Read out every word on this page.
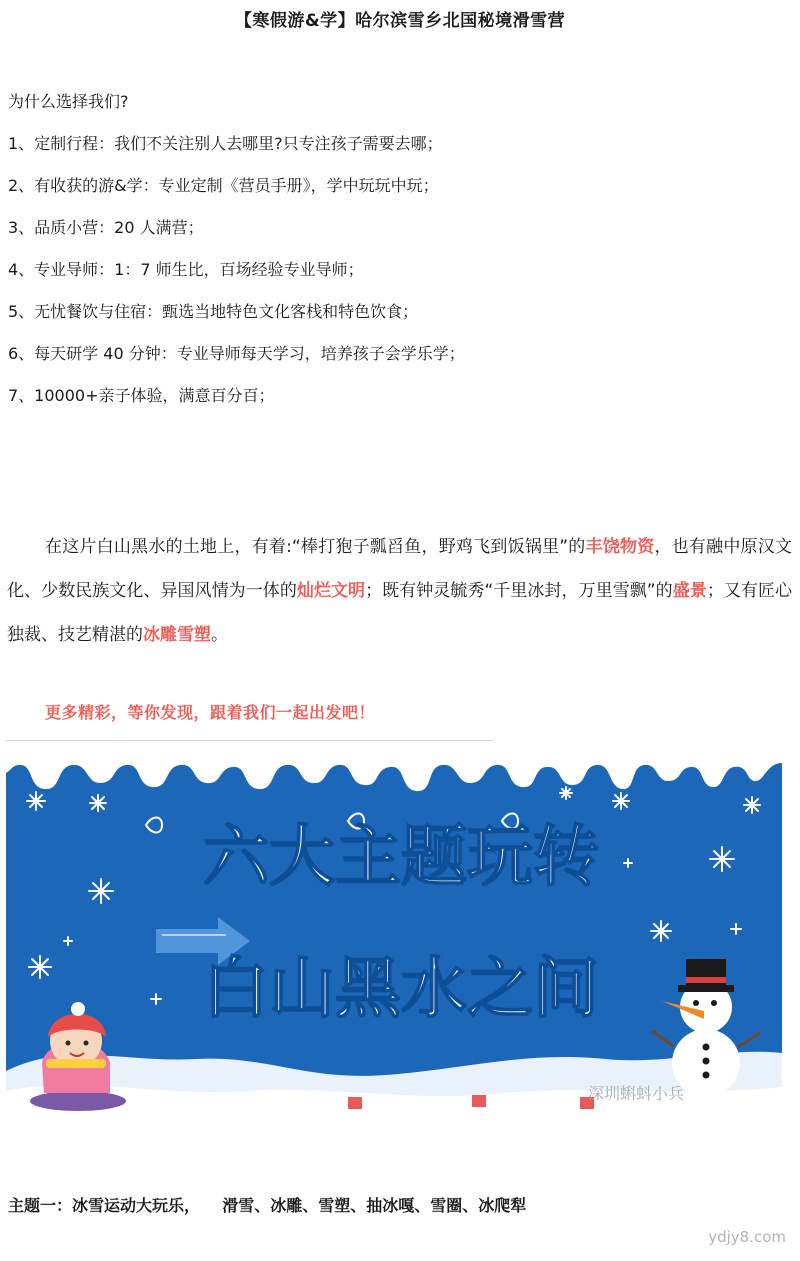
【寒假游&学】哈尔滨雪乡北国秘境滑雪营
为什么选择我们?
1、定制行程：我们不关注别人去哪里?只专注孩子需要去哪；
2、有收获的游&学：专业定制《营员手册》，学中玩玩中玩；
3、品质小营：20 人满营；
4、专业导师：1：7 师生比，百场经验专业导师；
5、无忧餐饮与住宿：甄选当地特色文化客栈和特色饮食；
6、每天研学 40 分钟：专业导师每天学习，培养孩子会学乐学；
7、10000+亲子体验，满意百分百；
在这片白山黑水的土地上，有着:“棒打狍子瓢舀鱼，野鸡飞到饭锅里”的丰饶物资，也有融中原汉文化、少数民族文化、异国风情为一体的灿烂文明；既有钟灵毓秀“千里冰封，万里雪飘”的盛景；又有匠心独裁、技艺精湛的冰雕雪塑。
更多精彩，等你发现，跟着我们一起出发吧！
六大主题玩转
白山黑水之间
深圳蝌蚪小兵
主题一：冰雪运动大玩乐，    滑雪、冰雕、雪塑、抽冰嘎、雪圈、冰爬犁
ydjy8.com
